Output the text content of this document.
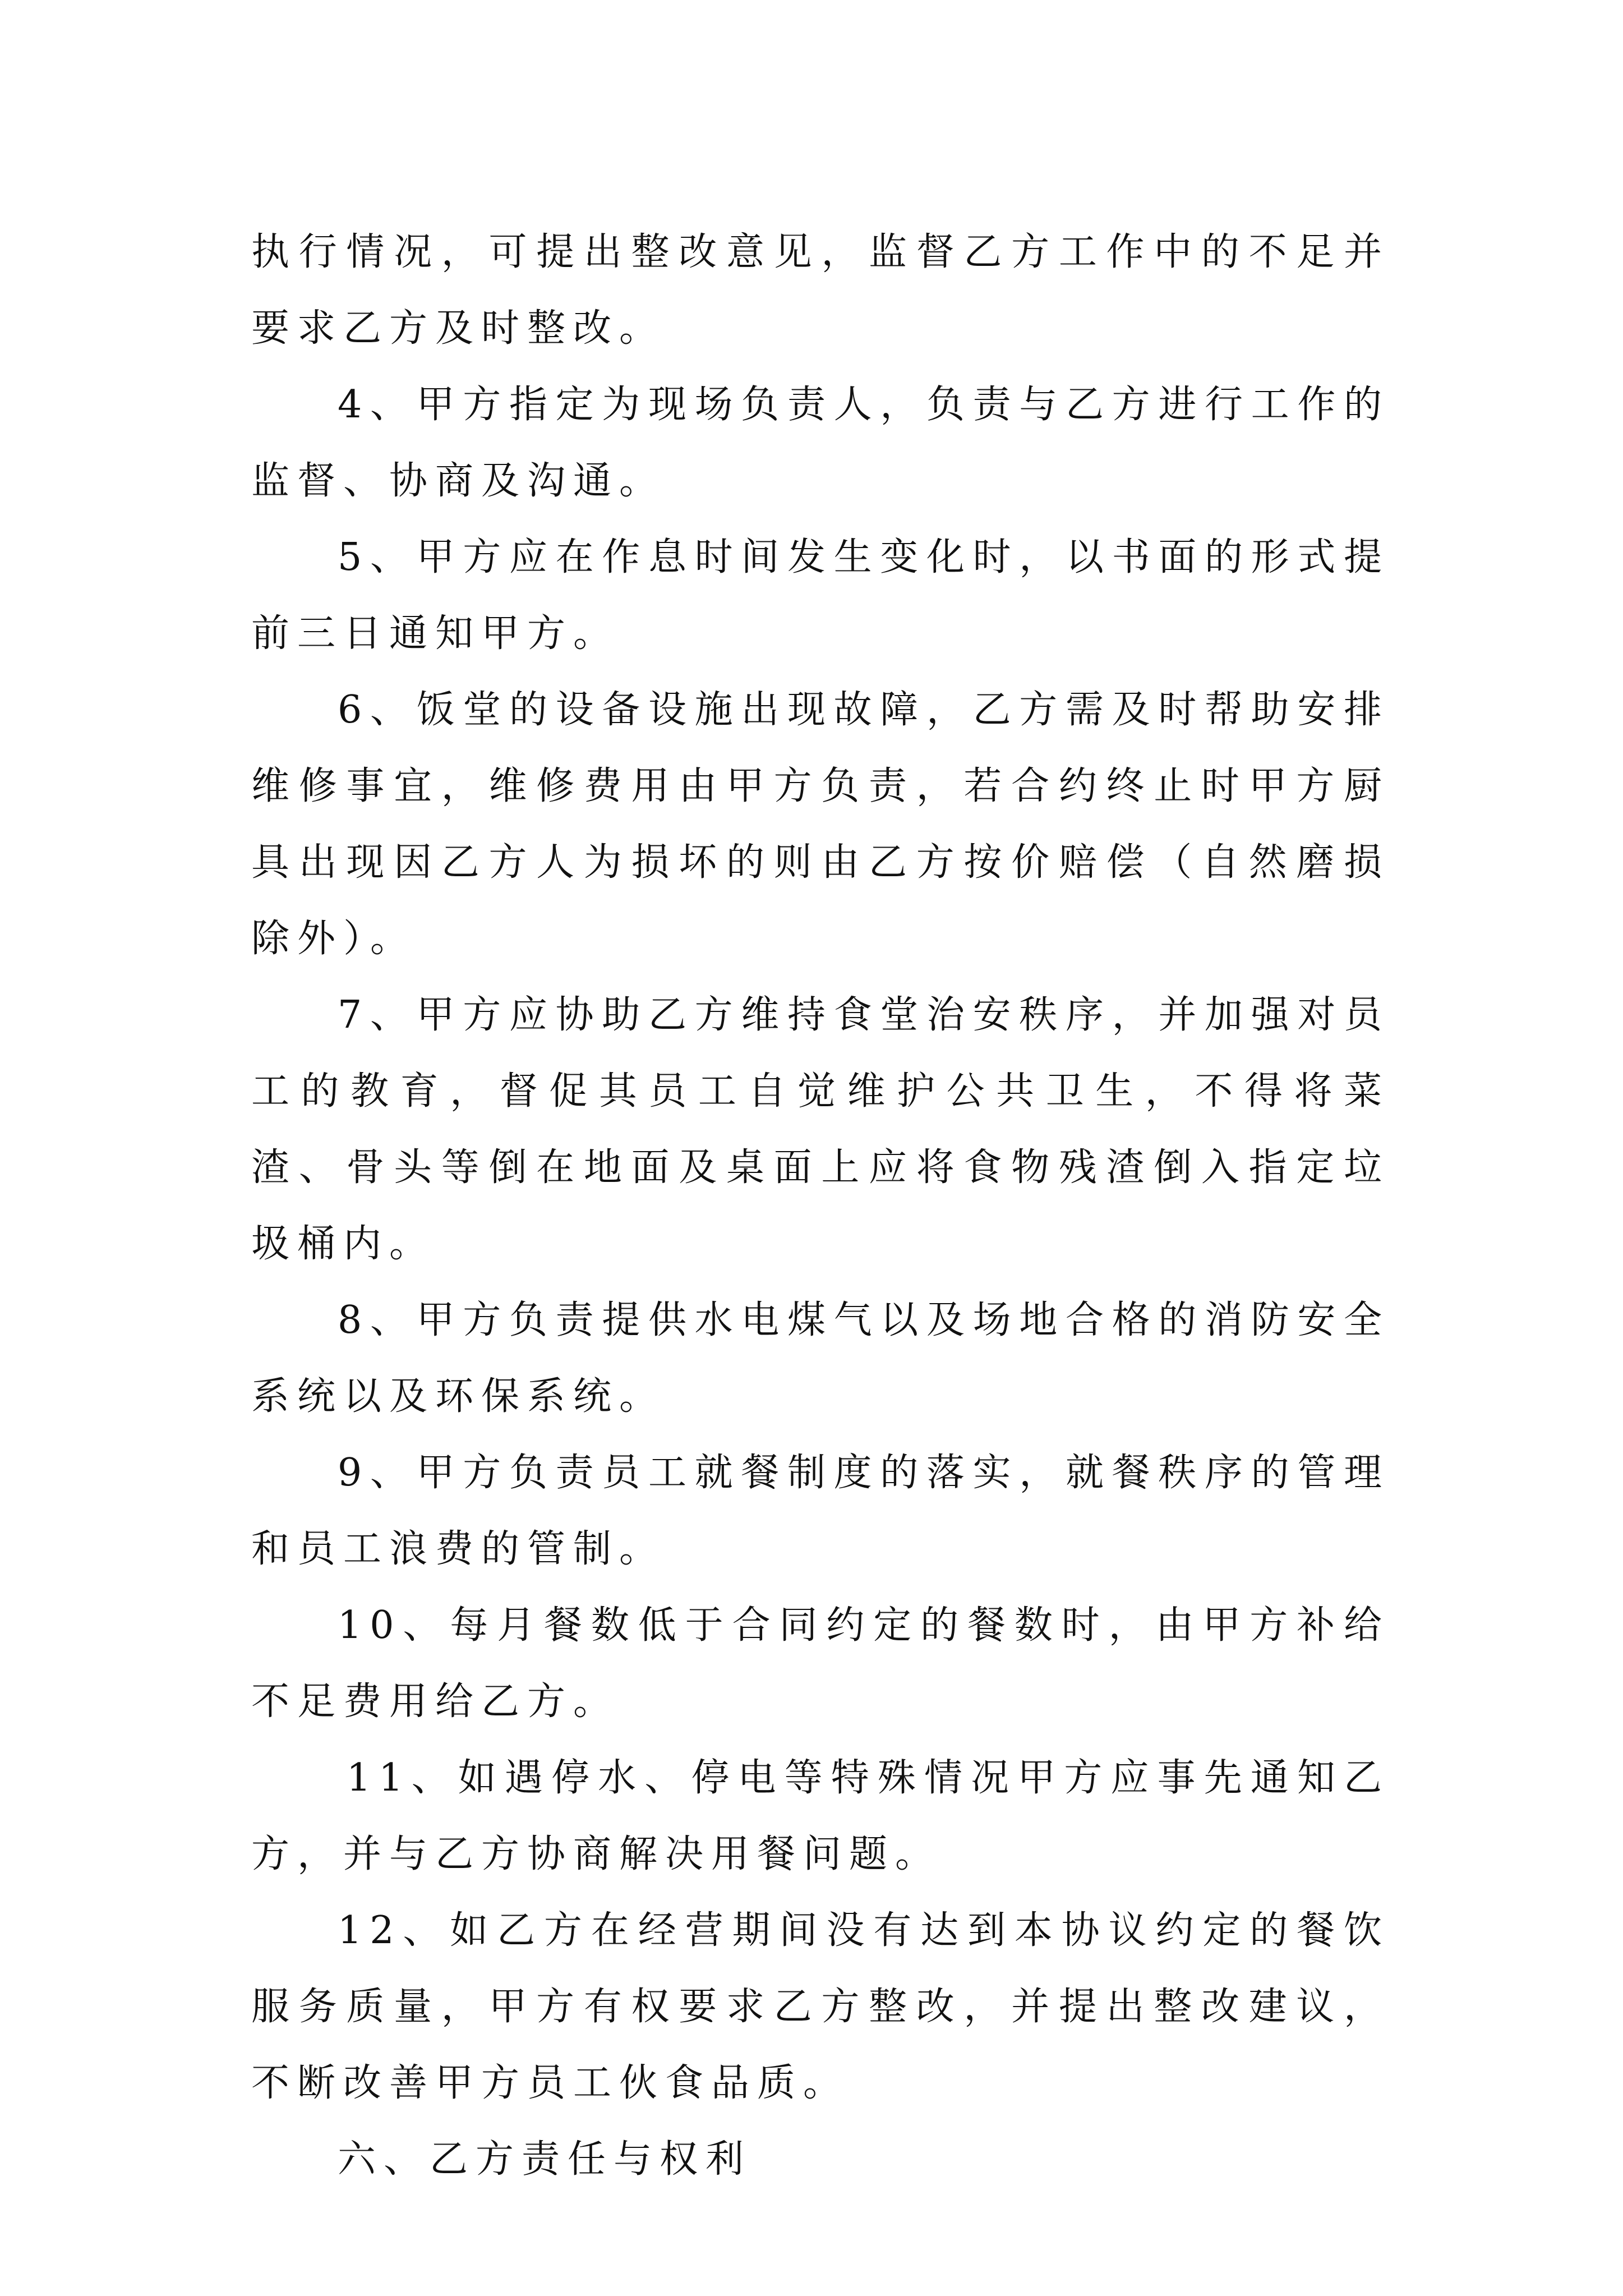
执行情况，可提出整改意见，监督乙方工作中的不足并要求乙方及时整改。

4、甲方指定为现场负责人，负责与乙方进行工作的监督、协商及沟通。

5、甲方应在作息时间发生变化时，以书面的形式提前三日通知甲方。

6、饭堂的设备设施出现故障，乙方需及时帮助安排维修事宜，维修费用由甲方负责，若合约终止时甲方厨具出现因乙方人为损坏的则由乙方按价赔偿（自然磨损除外）。

7、甲方应协助乙方维持食堂治安秩序，并加强对员工的教育，督促其员工自觉维护公共卫生，不得将菜渣、骨头等倒在地面及桌面上应将食物残渣倒入指定垃圾桶内。

8、甲方负责提供水电煤气以及场地合格的消防安全系统以及环保系统。

9、甲方负责员工就餐制度的落实，就餐秩序的管理和员工浪费的管制。

10、每月餐数低于合同约定的餐数时，由甲方补给不足费用给乙方。

11、如遇停水、停电等特殊情况甲方应事先通知乙方，并与乙方协商解决用餐问题。

12、如乙方在经营期间没有达到本协议约定的餐饮服务质量，甲方有权要求乙方整改，并提出整改建议，不断改善甲方员工伙食品质。

六、乙方责任与权利
